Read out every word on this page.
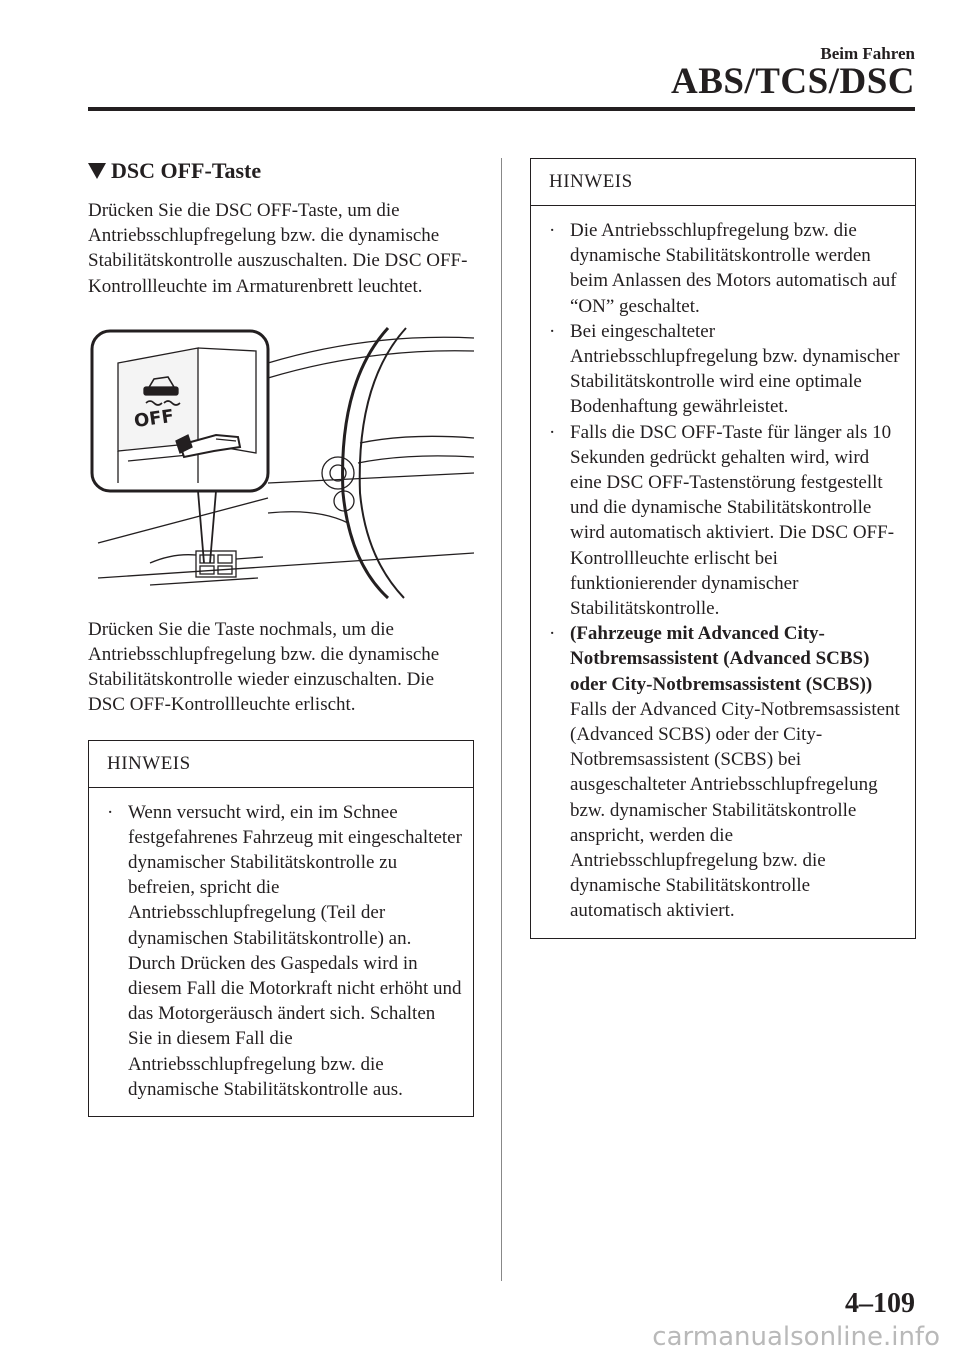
Beim Fahren
ABS/TCS/DSC
DSC OFF-Taste

Drücken Sie die DSC OFF-Taste, um die Antriebsschlupfregelung bzw. die dynamische Stabilitätskontrolle auszuschalten. Die DSC OFF-Kontrollleuchte im Armaturenbrett leuchtet.

OFF

Drücken Sie die Taste nochmals, um die Antriebsschlupfregelung bzw. die dynamische Stabilitätskontrolle wieder einzuschalten. Die DSC OFF-Kontrollleuchte erlischt.

HINWEIS
· Wenn versucht wird, ein im Schnee festgefahrenes Fahrzeug mit eingeschalteter dynamischer Stabilitätskontrolle zu befreien, spricht die Antriebsschlupfregelung (Teil der dynamischen Stabilitätskontrolle) an. Durch Drücken des Gaspedals wird in diesem Fall die Motorkraft nicht erhöht und das Motorgeräusch ändert sich. Schalten Sie in diesem Fall die Antriebsschlupfregelung bzw. die dynamische Stabilitätskontrolle aus.
HINWEIS
· Die Antriebsschlupfregelung bzw. die dynamische Stabilitätskontrolle werden beim Anlassen des Motors automatisch auf “ON” geschaltet.
· Bei eingeschalteter Antriebsschlupfregelung bzw. dynamischer Stabilitätskontrolle wird eine optimale Bodenhaftung gewährleistet.
· Falls die DSC OFF-Taste für länger als 10 Sekunden gedrückt gehalten wird, wird eine DSC OFF-Tastenstörung festgestellt und die dynamische Stabilitätskontrolle wird automatisch aktiviert. Die DSC OFF-Kontrollleuchte erlischt bei funktionierender dynamischer Stabilitätskontrolle.
· (Fahrzeuge mit Advanced City-Notbremsassistent (Advanced SCBS) oder City-Notbremsassistent (SCBS))
Falls der Advanced City-Notbremsassistent (Advanced SCBS) oder der City-Notbremsassistent (SCBS) bei ausgeschalteter Antriebsschlupfregelung bzw. dynamischer Stabilitätskontrolle anspricht, werden die Antriebsschlupfregelung bzw. die dynamische Stabilitätskontrolle automatisch aktiviert.
4–109
carmanualsonline.info
